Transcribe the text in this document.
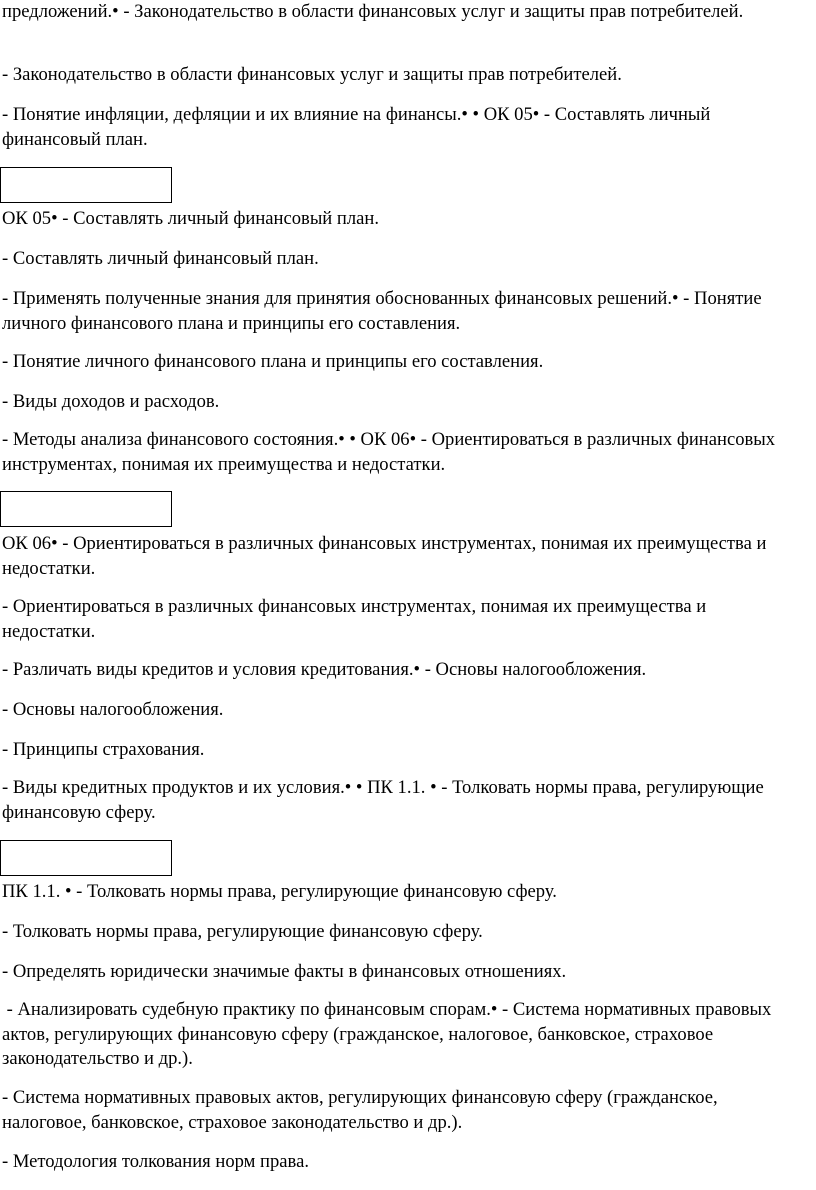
предложений.• - Законодательство в области финансовых услуг и защиты прав потребителей.

- Законодательство в области финансовых услуг и защиты прав потребителей.

- Понятие инфляции, дефляции и их влияние на финансы.• • ОК 05• - Составлять личный финансовый план.

ОК 05• - Составлять личный финансовый план.

- Составлять личный финансовый план.

- Применять полученные знания для принятия обоснованных финансовых решений.• - Понятие личного финансового плана и принципы его составления.

- Понятие личного финансового плана и принципы его составления.

- Виды доходов и расходов.

- Методы анализа финансового состояния.• • ОК 06• - Ориентироваться в различных финансовых инструментах, понимая их преимущества и недостатки.

ОК 06• - Ориентироваться в различных финансовых инструментах, понимая их преимущества и недостатки.

- Ориентироваться в различных финансовых инструментах, понимая их преимущества и недостатки.

- Различать виды кредитов и условия кредитования.• - Основы налогообложения.

- Основы налогообложения.

- Принципы страхования.

- Виды кредитных продуктов и их условия.• • ПК 1.1. • - Толковать нормы права, регулирующие финансовую сферу.

ПК 1.1. • - Толковать нормы права, регулирующие финансовую сферу.

- Толковать нормы права, регулирующие финансовую сферу.

- Определять юридически значимые факты в финансовых отношениях.

- Анализировать судебную практику по финансовым спорам.• - Система нормативных правовых актов, регулирующих финансовую сферу (гражданское, налоговое, банковское, страховое законодательство и др.).

- Система нормативных правовых актов, регулирующих финансовую сферу (гражданское, налоговое, банковское, страховое законодательство и др.).

- Методология толкования норм права.
